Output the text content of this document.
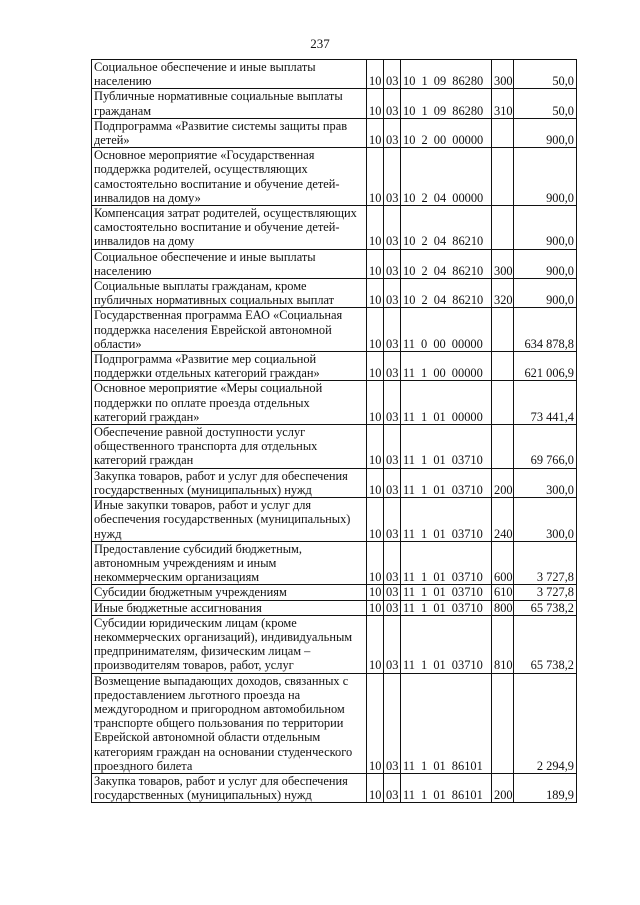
237
Социальное обеспечение и иные выплаты населению	10	03	10 1 09 86280	300	50,0
Публичные нормативные социальные выплаты гражданам	10	03	10 1 09 86280	310	50,0
Подпрограмма «Развитие системы защиты прав детей»	10	03	10 2 00 00000		900,0
Основное мероприятие «Государственная поддержка родителей, осуществляющих самостоятельно воспитание и обучение детей-инвалидов на дому»	10	03	10 2 04 00000		900,0
Компенсация затрат родителей, осуществляющих самостоятельно воспитание и обучение детей-инвалидов на дому	10	03	10 2 04 86210		900,0
Социальное обеспечение и иные выплаты населению	10	03	10 2 04 86210	300	900,0
Социальные выплаты гражданам, кроме публичных нормативных социальных выплат	10	03	10 2 04 86210	320	900,0
Государственная программа ЕАО «Социальная поддержка населения Еврейской автономной области»	10	03	11 0 00 00000		634 878,8
Подпрограмма «Развитие мер социальной поддержки отдельных категорий граждан»	10	03	11 1 00 00000		621 006,9
Основное мероприятие «Меры социальной поддержки по оплате проезда отдельных категорий граждан»	10	03	11 1 01 00000		73 441,4
Обеспечение равной доступности услуг общественного транспорта для отдельных категорий граждан	10	03	11 1 01 03710		69 766,0
Закупка товаров, работ и услуг для обеспечения государственных (муниципальных) нужд	10	03	11 1 01 03710	200	300,0
Иные закупки товаров, работ и услуг для обеспечения государственных (муниципальных) нужд	10	03	11 1 01 03710	240	300,0
Предоставление субсидий бюджетным, автономным учреждениям и иным некоммерческим организациям	10	03	11 1 01 03710	600	3 727,8
Субсидии бюджетным учреждениям	10	03	11 1 01 03710	610	3 727,8
Иные бюджетные ассигнования	10	03	11 1 01 03710	800	65 738,2
Субсидии юридическим лицам (кроме некоммерческих организаций), индивидуальным предпринимателям, физическим лицам – производителям товаров, работ, услуг	10	03	11 1 01 03710	810	65 738,2
Возмещение выпадающих доходов, связанных с предоставлением льготного проезда на междугородном и пригородном автомобильном транспорте общего пользования по территории Еврейской автономной области отдельным категориям граждан на основании студенческого проездного билета	10	03	11 1 01 86101		2 294,9
Закупка товаров, работ и услуг для обеспечения государственных (муниципальных) нужд	10	03	11 1 01 86101	200	189,9
